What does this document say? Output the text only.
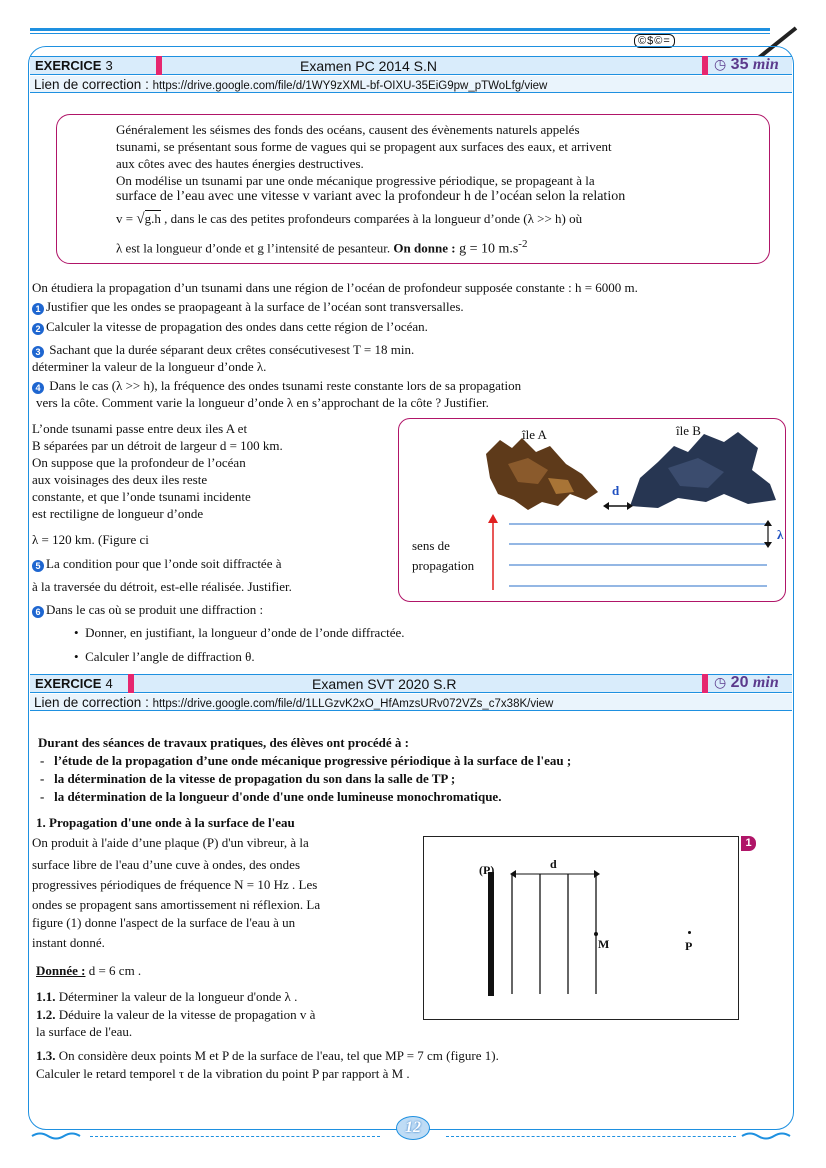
©$©=
EXERCICE 3	Examen PC 2014 S.N	◷ 35 min
Lien de correction : https://drive.google.com/file/d/1WY9zXML-bf-OIXU-35EiG9pw_pTWoLfg/view
Généralement les séismes des fonds des océans, causent des évènements naturels appelés
tsunami, se présentant sous forme de vagues qui se propagent aux surfaces des eaux, et arrivent
aux côtes avec des hautes énergies destructives.
On modélise un tsunami par une onde mécanique progressive périodique, se propageant à la
surface de l’eau avec une vitesse v variant avec la profondeur h de l’océan selon la relation
v = √g.h , dans le cas des petites profondeurs comparées à la longueur d’onde (λ >> h) où
λ est la longueur d’onde et g l’intensité de pesanteur. On donne : g = 10 $m.s^{-2}$
On étudiera la propagation d’un tsunami dans une région de l’océan de profondeur supposée constante : h = 6000 m.
1 Justifier que les ondes se praopageant à la surface de l’océan sont transversalles.
2 Calculer la vitesse de propagation des ondes dans cette région de l’océan.
3 Sachant que la durée séparant deux crêtes consécutivesest T = 18 min.
déterminer la valeur de la longueur d’onde λ.
4 Dans le cas (λ >> h), la fréquence des ondes tsunami reste constante lors de sa propagation
vers la côte. Comment varie la longueur d’onde λ en s’approchant de la côte ? Justifier.
L’onde tsunami passe entre deux iles A et
B séparées par un détroit de largeur d = 100 km.
On suppose que la profondeur de l’océan
aux voisinages des deux iles reste
constante, et que l’onde tsunami incidente
est rectiligne de longueur d’onde
λ = 120 km. (Figure ci
5 La condition pour que l’onde soit diffractée à
à la traversée du détroit, est-elle réalisée. Justifier.
6 Dans le cas où se produit une diffraction :
•  Donner, en justifiant, la longueur d’onde de l’onde diffractée.
•  Calculer l’angle de diffraction θ.
île A	île B
d
λ
sens de
propagation
EXERCICE 4	Examen SVT 2020 S.R	◷ 20 min
Lien de correction : https://drive.google.com/file/d/1LLGzvK2xO_HfAmzsURv072VZs_c7x38K/view
Durant des séances de travaux pratiques, des élèves ont procédé à :
-   l’étude de la propagation d’une onde mécanique progressive périodique à la surface de l'eau ;
-   la détermination de la vitesse de propagation du son dans la salle de TP ;
-   la détermination de la longueur d'onde d'une onde lumineuse monochromatique.
1. Propagation d'une onde à la surface de l'eau
On produit à l'aide d’une plaque (P) d'un vibreur, à la
surface libre de l'eau d’une cuve à ondes, des ondes
progressives périodiques de fréquence N = 10 Hz . Les
ondes se propagent sans amortissement ni réflexion. La
figure (1) donne l'aspect de la surface de l'eau à un
instant donné.
Donnée : d = 6 cm .
1.1. Déterminer la valeur de la longueur d'onde λ .
1.2. Déduire la valeur de la vitesse de propagation v à
la surface de l'eau.
1.3. On considère deux points M et P de la surface de l'eau, tel que MP = 7 cm (figure 1).
Calculer le retard temporel τ de la vibration du point P par rapport à M .
1
(P)	d
M	P
12
